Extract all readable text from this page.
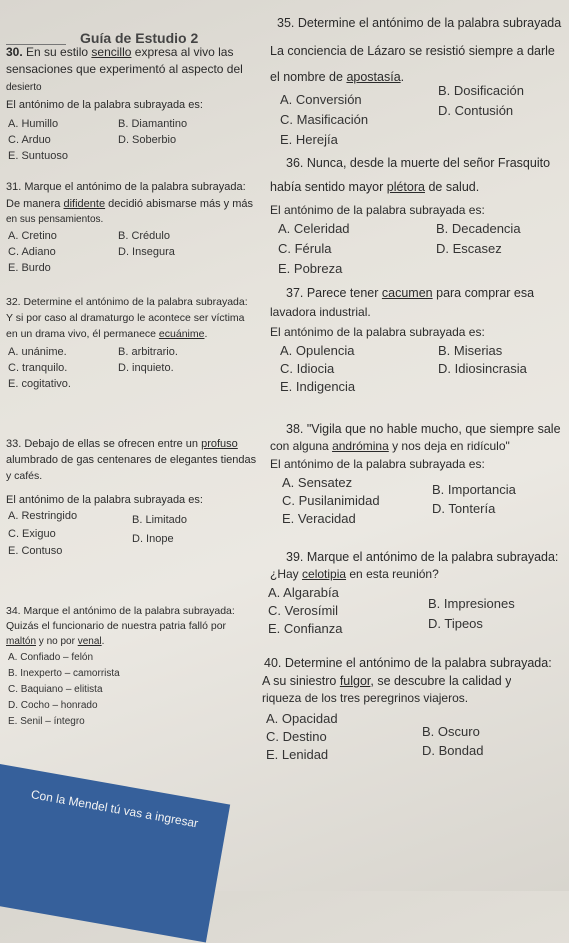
Guía de Estudio 2
30. En su estilo sencillo expresa al vivo las
sensaciones que experimentó al aspecto del
desierto
El antónimo de la palabra subrayada es:
A. Humillo	B. Diamantino
C. Arduo	D. Soberbio
E. Suntuoso
31. Marque el antónimo de la palabra subrayada:
De manera difidente decidió abismarse más y más
en sus pensamientos.
A. Cretino	B. Crédulo
C. Adiano	D. Insegura
E. Burdo
32. Determine el antónimo de la palabra subrayada:
Y si por caso al dramaturgo le acontece ser víctima
en un drama vivo, él permanece ecuánime.
A. unánime.	B. arbitrario.
C. tranquilo.	D. inquieto.
E. cogitativo.
33. Debajo de ellas se ofrecen entre un profuso
alumbrado de gas centenares de elegantes tiendas
y cafés.
El antónimo de la palabra subrayada es:
A. Restringido	B. Limitado
C. Exiguo	D. Inope
E. Contuso
34. Marque el antónimo de la palabra subrayada:
Quizás el funcionario de nuestra patria falló por
maltón y no por venal.
A. Confiado – felón
B. Inexperto – camorrista
C. Baquiano – elitista
D. Cocho – honrado
E. Senil – íntegro
35. Determine el antónimo de la palabra subrayada
La conciencia de Lázaro se resistió siempre a darle
el nombre de apostasía.
A. Conversión
B. Dosificación
C. Masificación
D. Contusión
E. Herejía
36. Nunca, desde la muerte del señor Frasquito
había sentido mayor plétora de salud.
El antónimo de la palabra subrayada es:
A. Celeridad	B. Decadencia
C. Férula	D. Escasez
E. Pobreza
37. Parece tener cacumen para comprar esa
lavadora industrial.
El antónimo de la palabra subrayada es:
A. Opulencia	B. Miserias
C. Idiocia	D. Idiosincrasia
E. Indigencia
38. "Vigila que no hable mucho, que siempre sale
con alguna andrómina y nos deja en ridículo"
El antónimo de la palabra subrayada es:
A. Sensatez	B. Importancia
C. Pusilanimidad
D. Tontería
E. Veracidad
39. Marque el antónimo de la palabra subrayada:
¿Hay celotipia en esta reunión?
A. Algarabía
B. Impresiones
C. Verosímil
D. Tipeos
E. Confianza
40. Determine el antónimo de la palabra subrayada:
A su siniestro fulgor, se descubre la calidad y
riqueza de los tres peregrinos viajeros.
A. Opacidad
B. Oscuro
C. Destino
D. Bondad
E. Lenidad
Con la Mendel tú vas a ingresar
